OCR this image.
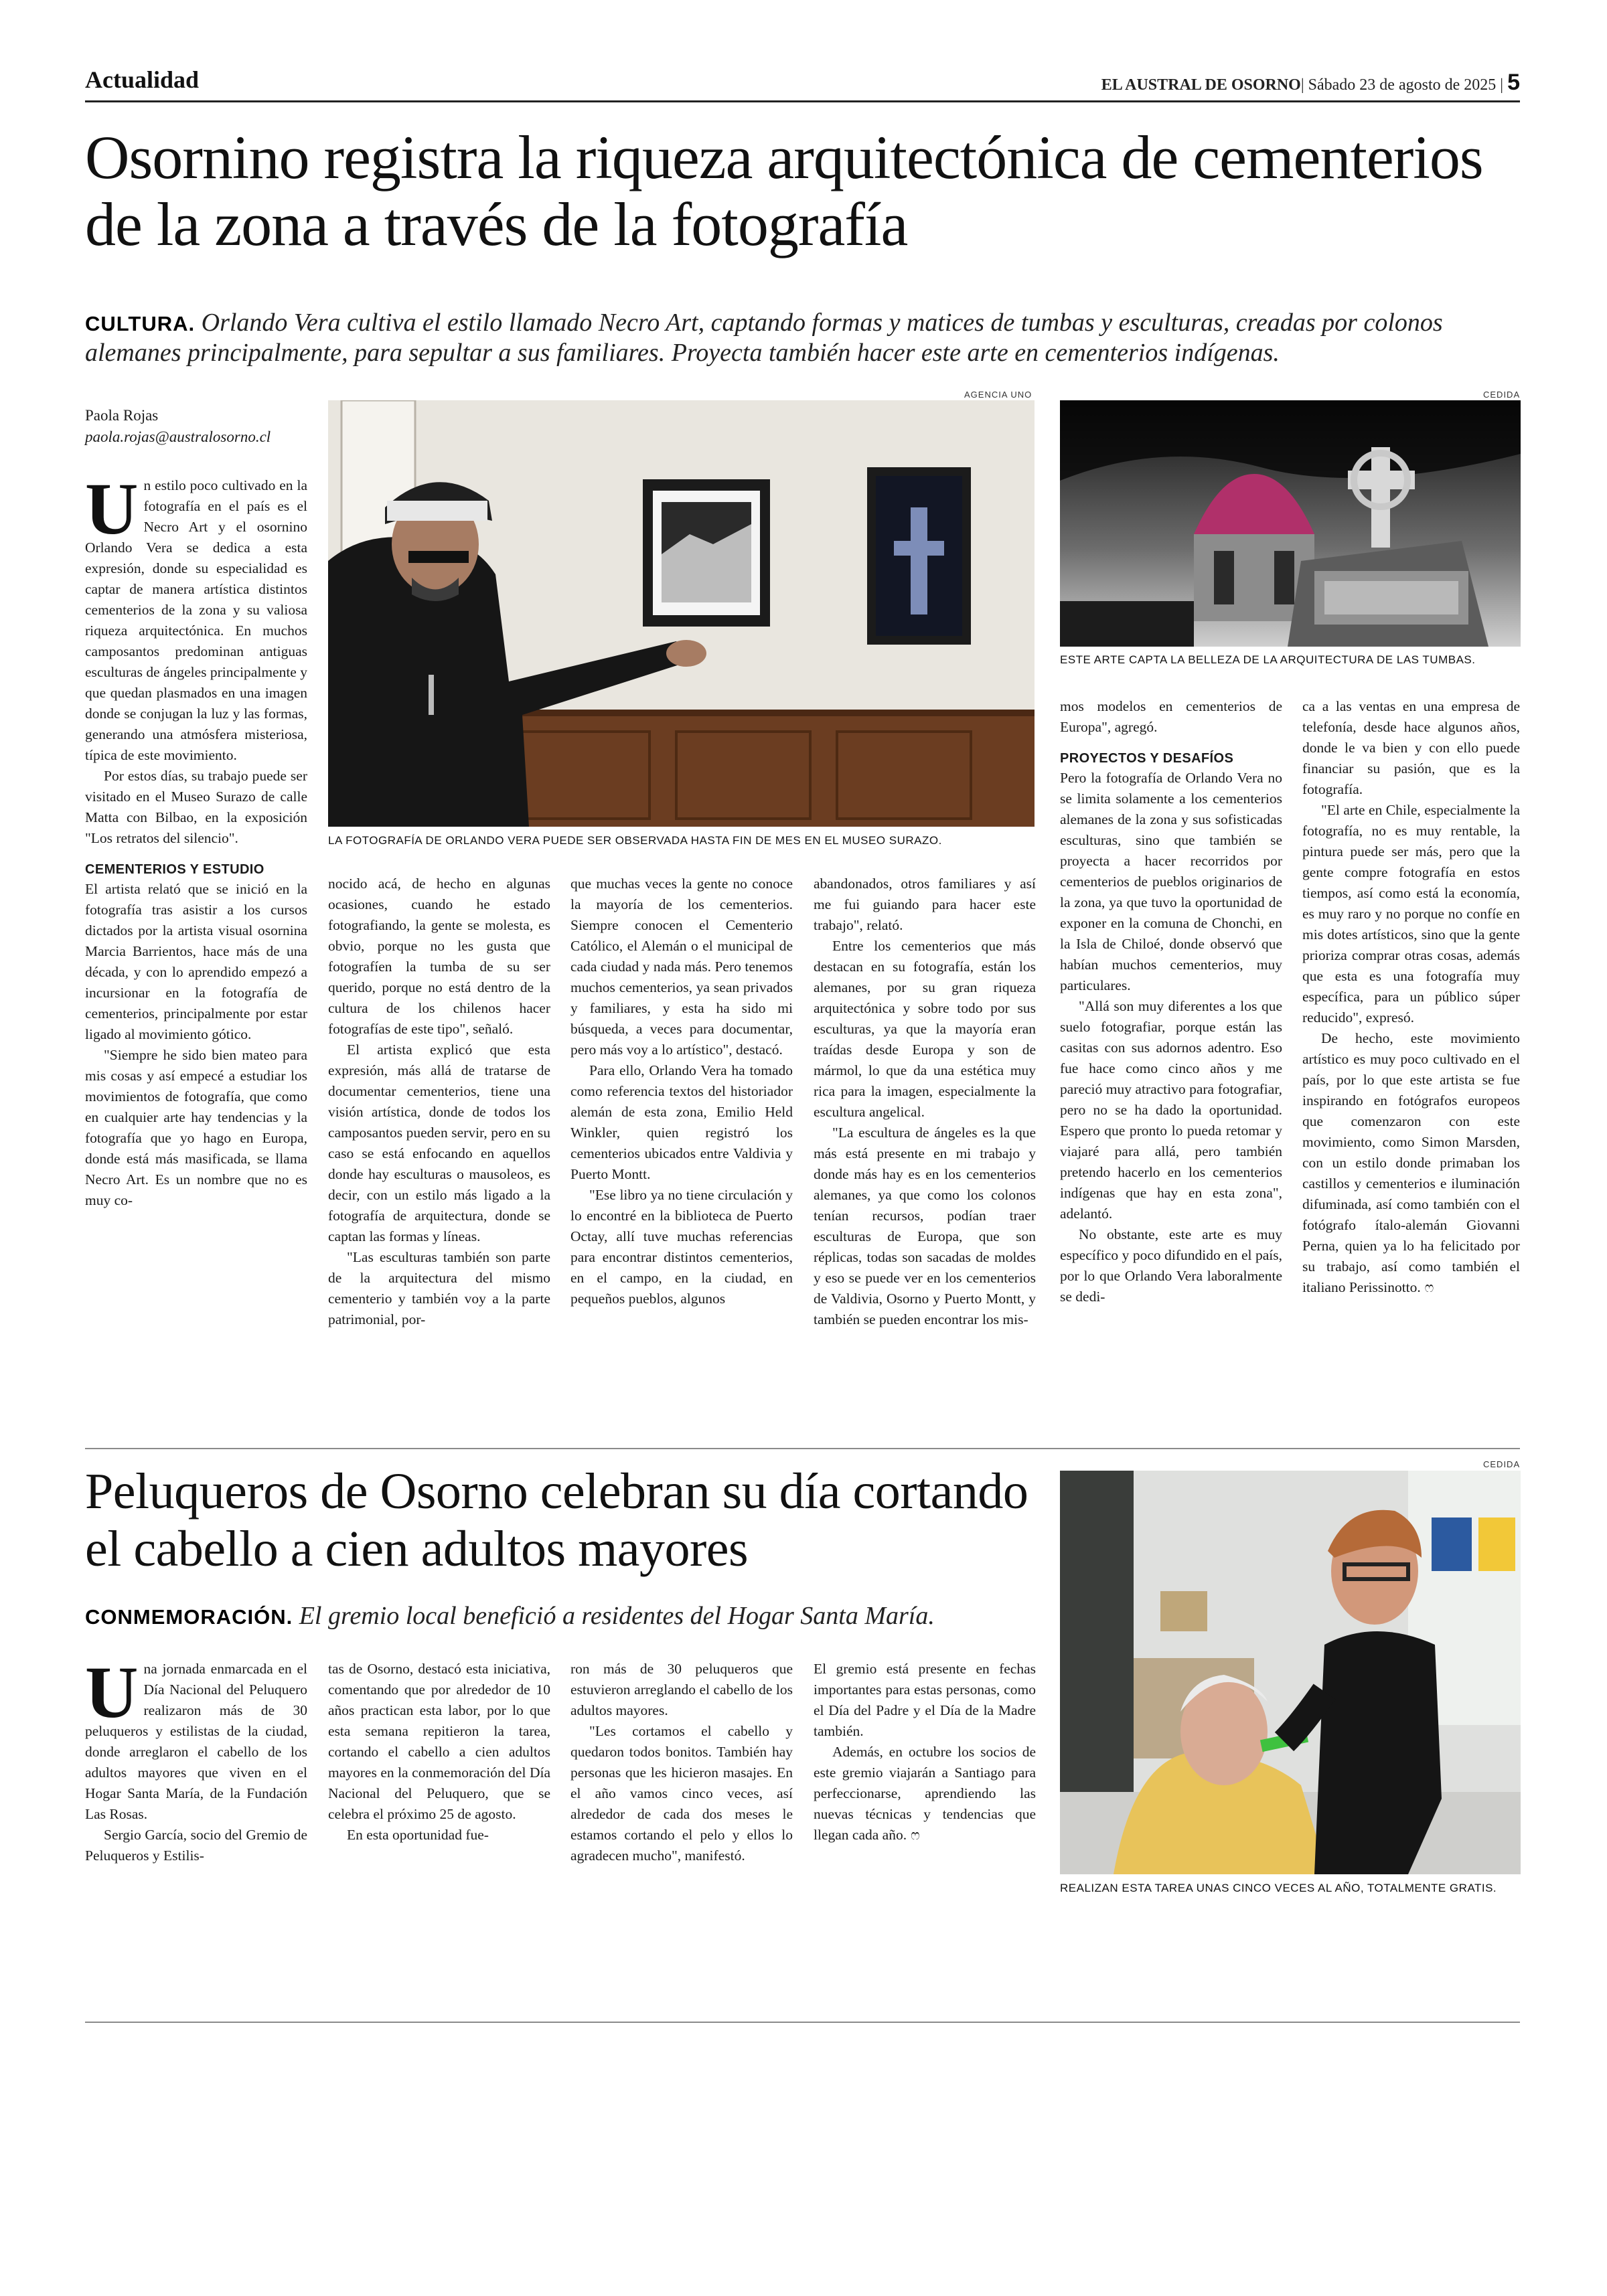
Actualidad	EL AUSTRAL DE OSORNO| Sábado 23 de agosto de 2025 | 5
Osornino registra la riqueza arquitectónica de cementerios de la zona a través de la fotografía
CULTURA. Orlando Vera cultiva el estilo llamado Necro Art, captando formas y matices de tumbas y esculturas, creadas por colonos alemanes principalmente, para sepultar a sus familiares. Proyecta también hacer este arte en cementerios indígenas.
Paola Rojas
paola.rojas@australosorno.cl
AGENCIA UNO
LA FOTOGRAFÍA DE ORLANDO VERA PUEDE SER OBSERVADA HASTA FIN DE MES EN EL MUSEO SURAZO.
CEDIDA
ESTE ARTE CAPTA LA BELLEZA DE LA ARQUITECTURA DE LAS TUMBAS.

Un estilo poco cultivado en la fotografía en el país es el Necro Art y el osornino Orlando Vera se dedica a esta expresión, donde su especialidad es captar de manera artística distintos cementerios de la zona y su valiosa riqueza arquitectónica. En muchos camposantos predominan antiguas esculturas de ángeles principalmente y que quedan plasmados en una imagen donde se conjugan la luz y las formas, generando una atmósfera misteriosa, típica de este movimiento.

Por estos días, su trabajo puede ser visitado en el Museo Surazo de calle Matta con Bilbao, en la exposición "Los retratos del silencio".

CEMENTERIOS Y ESTUDIO

El artista relató que se inició en la fotografía tras asistir a los cursos dictados por la artista visual osornina Marcia Barrientos, hace más de una década, y con lo aprendido empezó a incursionar en la fotografía de cementerios, principalmente por estar ligado al movimiento gótico.

"Siempre he sido bien mateo para mis cosas y así empecé a estudiar los movimientos de fotografía, que como en cualquier arte hay tendencias y la fotografía que yo hago en Europa, donde está más masificada, se llama Necro Art. Es un nombre que no es muy co-

nocido acá, de hecho en algunas ocasiones, cuando he estado fotografiando, la gente se molesta, es obvio, porque no les gusta que fotografíen la tumba de su ser querido, porque no está dentro de la cultura de los chilenos hacer fotografías de este tipo", señaló.

El artista explicó que esta expresión, más allá de tratarse de documentar cementerios, tiene una visión artística, donde de todos los camposantos pueden servir, pero en su caso se está enfocando en aquellos donde hay esculturas o mausoleos, es decir, con un estilo más ligado a la fotografía de arquitectura, donde se captan las formas y líneas.

"Las esculturas también son parte de la arquitectura del mismo cementerio y también voy a la parte patrimonial, por-

que muchas veces la gente no conoce la mayoría de los cementerios. Siempre conocen el Cementerio Católico, el Alemán o el municipal de cada ciudad y nada más. Pero tenemos muchos cementerios, ya sean privados y familiares, y esta ha sido mi búsqueda, a veces para documentar, pero más voy a lo artístico", destacó.

Para ello, Orlando Vera ha tomado como referencia textos del historiador alemán de esta zona, Emilio Held Winkler, quien registró los cementerios ubicados entre Valdivia y Puerto Montt.

"Ese libro ya no tiene circulación y lo encontré en la biblioteca de Puerto Octay, allí tuve muchas referencias para encontrar distintos cementerios, en el campo, en la ciudad, en pequeños pueblos, algunos

abandonados, otros familiares y así me fui guiando para hacer este trabajo", relató.

Entre los cementerios que más destacan en su fotografía, están los alemanes, por su gran riqueza arquitectónica y sobre todo por sus esculturas, ya que la mayoría eran traídas desde Europa y son de mármol, lo que da una estética muy rica para la imagen, especialmente la escultura angelical.

"La escultura de ángeles es la que más está presente en mi trabajo y donde más hay es en los cementerios alemanes, ya que como los colonos tenían recursos, podían traer esculturas de Europa, que son réplicas, todas son sacadas de moldes y eso se puede ver en los cementerios de Valdivia, Osorno y Puerto Montt, y también se pueden encontrar los mis-

mos modelos en cementerios de Europa", agregó.

PROYECTOS Y DESAFÍOS

Pero la fotografía de Orlando Vera no se limita solamente a los cementerios alemanes de la zona y sus sofisticadas esculturas, sino que también se proyecta a hacer recorridos por cementerios de pueblos originarios de la zona, ya que tuvo la oportunidad de exponer en la comuna de Chonchi, en la Isla de Chiloé, donde observó que habían muchos cementerios, muy particulares.

"Allá son muy diferentes a los que suelo fotografiar, porque están las casitas con sus adornos adentro. Eso fue hace como cinco años y me pareció muy atractivo para fotografiar, pero no se ha dado la oportunidad. Espero que pronto lo pueda retomar y viajaré para allá, pero también pretendo hacerlo en los cementerios indígenas que hay en esta zona", adelantó.

No obstante, este arte es muy específico y poco difundido en el país, por lo que Orlando Vera laboralmente se dedi-

ca a las ventas en una empresa de telefonía, desde hace algunos años, donde le va bien y con ello puede financiar su pasión, que es la fotografía.

"El arte en Chile, especialmente la fotografía, no es muy rentable, la pintura puede ser más, pero que la gente compre fotografía en estos tiempos, así como está la economía, es muy raro y no porque no confíe en mis dotes artísticos, sino que la gente prioriza comprar otras cosas, además que esta es una fotografía muy específica, para un público súper reducido", expresó.

De hecho, este movimiento artístico es muy poco cultivado en el país, por lo que este artista se fue inspirando en fotógrafos europeos que comenzaron con este movimiento, como Simon Marsden, con un estilo donde primaban los castillos y cementerios e iluminación difuminada, así como también con el fotógrafo ítalo-alemán Giovanni Perna, quien ya lo ha felicitado por su trabajo, así como también el italiano Perissinotto. ෆ

Peluqueros de Osorno celebran su día cortando el cabello a cien adultos mayores
CONMEMORACIÓN. El gremio local benefició a residentes del Hogar Santa María.
CEDIDA
REALIZAN ESTA TAREA UNAS CINCO VECES AL AÑO, TOTALMENTE GRATIS.

Una jornada enmarcada en el Día Nacional del Peluquero realizaron más de 30 peluqueros y estilistas de la ciudad, donde arreglaron el cabello de los adultos mayores que viven en el Hogar Santa María, de la Fundación Las Rosas.

Sergio García, socio del Gremio de Peluqueros y Estilis-

tas de Osorno, destacó esta iniciativa, comentando que por alrededor de 10 años practican esta labor, por lo que esta semana repitieron la tarea, cortando el cabello a cien adultos mayores en la conmemoración del Día Nacional del Peluquero, que se celebra el próximo 25 de agosto.

En esta oportunidad fue-

ron más de 30 peluqueros que estuvieron arreglando el cabello de los adultos mayores.

"Les cortamos el cabello y quedaron todos bonitos. También hay personas que les hicieron masajes. En el año vamos cinco veces, así alrededor de cada dos meses le estamos cortando el pelo y ellos lo agradecen mucho", manifestó.

El gremio está presente en fechas importantes para estas personas, como el Día del Padre y el Día de la Madre también.

Además, en octubre los socios de este gremio viajarán a Santiago para perfeccionarse, aprendiendo las nuevas técnicas y tendencias que llegan cada año. ෆ
